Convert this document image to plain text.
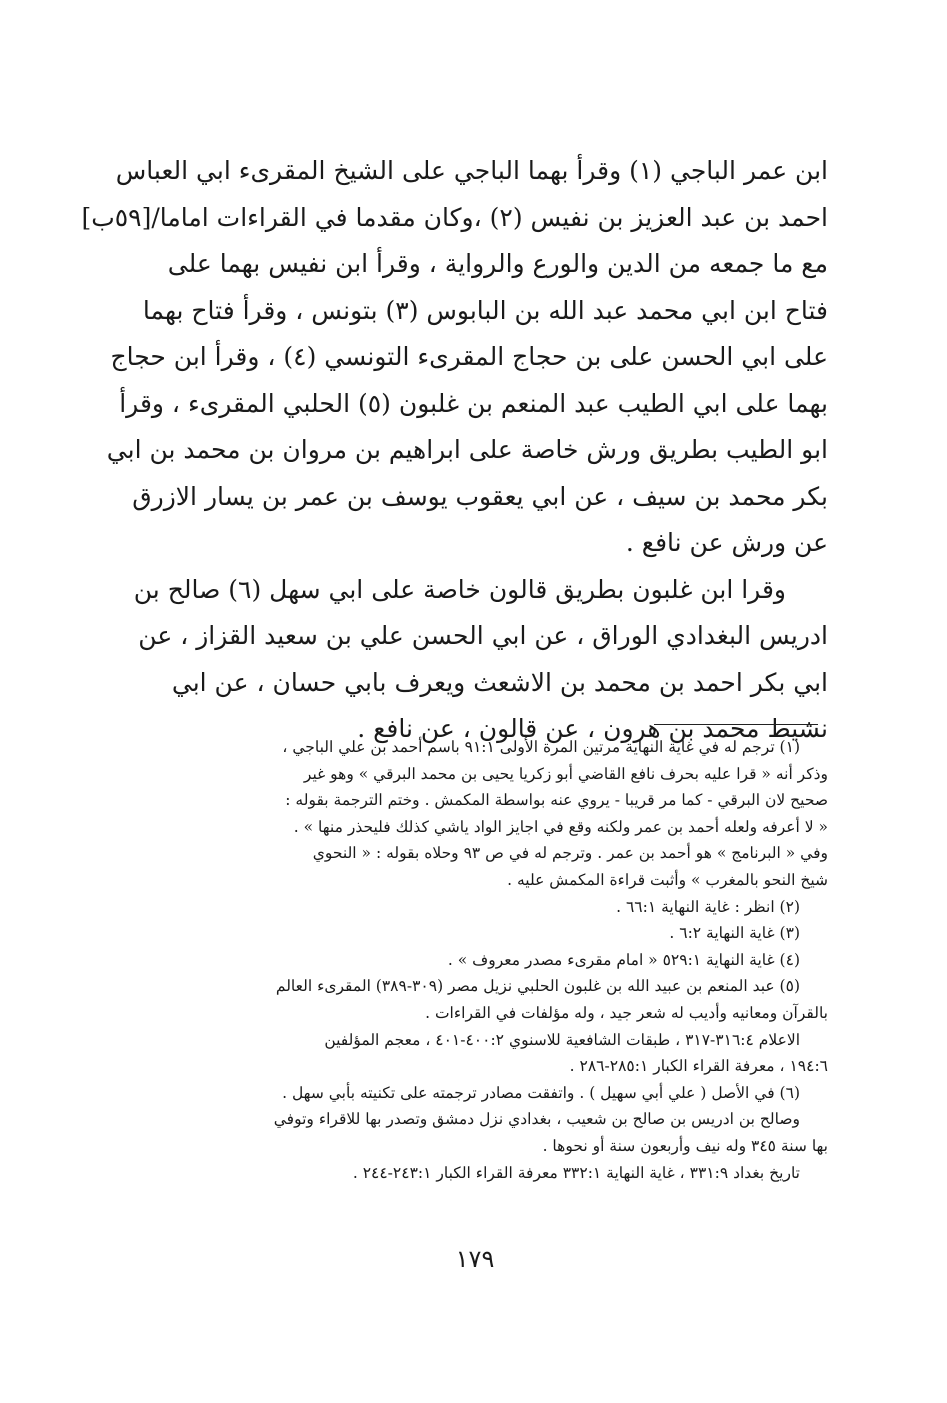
ابن عمر الباجي (١) وقرأ بهما الباجي على الشيخ المقرىء ابي العباس
احمد بن عبد العزيز بن نفيس (٢) ،وكان مقدما في القراءات اماما/[٥٩ب]
مع ما جمعه من الدين والورع والرواية ، وقرأ ابن نفيس بهما على
فتاح ابن ابي محمد عبد الله بن البابوس (٣) بتونس ، وقرأ فتاح بهما
على ابي الحسن على بن حجاج المقرىء التونسي (٤) ، وقرأ ابن حجاج
بهما على ابي الطيب عبد المنعم بن غلبون (٥) الحلبي المقرىء ، وقرأ
ابو الطيب بطريق ورش خاصة على ابراهيم بن مروان بن محمد بن ابي
بكر محمد بن سيف ، عن ابي يعقوب يوسف بن عمر بن يسار الازرق
عن ورش عن نافع .
وقرا ابن غلبون بطريق قالون خاصة على ابي سهل (٦) صالح بن
ادريس البغدادي الوراق ، عن ابي الحسن علي بن سعيد القزاز ، عن
ابي بكر احمد بن محمد بن الاشعث ويعرف بابي حسان ، عن ابي
نشيط محمد بن هرون ، عن قالون ، عن نافع .
(١) ترجم له في غاية النهاية مرتين المرة الأولى ٩١:١ باسم أحمد بن علي الباجي ،
وذكر أنه « قرا عليه بحرف نافع القاضي أبو زكريا يحيى بن محمد البرقي » وهو غير
صحيح لان البرقي - كما مر قريبا - يروي عنه بواسطة المكمش . وختم الترجمة بقوله :
« لا أعرفه ولعله أحمد بن عمر ولكنه وقع في اجايز الواد ياشي كذلك فليحذر منها » .
وفي « البرنامج » هو أحمد بن عمر . وترجم له في ص ٩٣ وحلاه بقوله : « النحوي
شيخ النحو بالمغرب » وأثبت قراءة المكمش عليه .
(٢) انظر : غاية النهاية ٦٦:١ .
(٣) غاية النهاية ٦:٢ .
(٤) غاية النهاية ٥٢٩:١ « امام مقرىء مصدر معروف » .
(٥) عبد المنعم بن عبيد الله بن غلبون الحلبي نزيل مصر (٣٠٩-٣٨٩) المقرىء العالم
بالقرآن ومعانيه وأديب له شعر جيد ، وله مؤلفات في القراءات .
الاعلام ٣١٦:٤-٣١٧ ، طبقات الشافعية للاسنوي ٤٠٠:٢-٤٠١ ، معجم المؤلفين
١٩٤:٦ ، معرفة القراء الكبار ٢٨٥:١-٢٨٦ .
(٦) في الأصل ( علي أبي سهيل ) . واتفقت مصادر ترجمته على تكنيته بأبي سهل .
وصالح بن ادريس بن صالح بن شعيب ، بغدادي نزل دمشق وتصدر بها للاقراء وتوفي
بها سنة ٣٤٥ وله نيف وأربعون سنة أو نحوها .
تاريخ بغداد ٣٣١:٩ ، غاية النهاية ٣٣٢:١ معرفة القراء الكبار ٢٤٣:١-٢٤٤ .
١٧٩
